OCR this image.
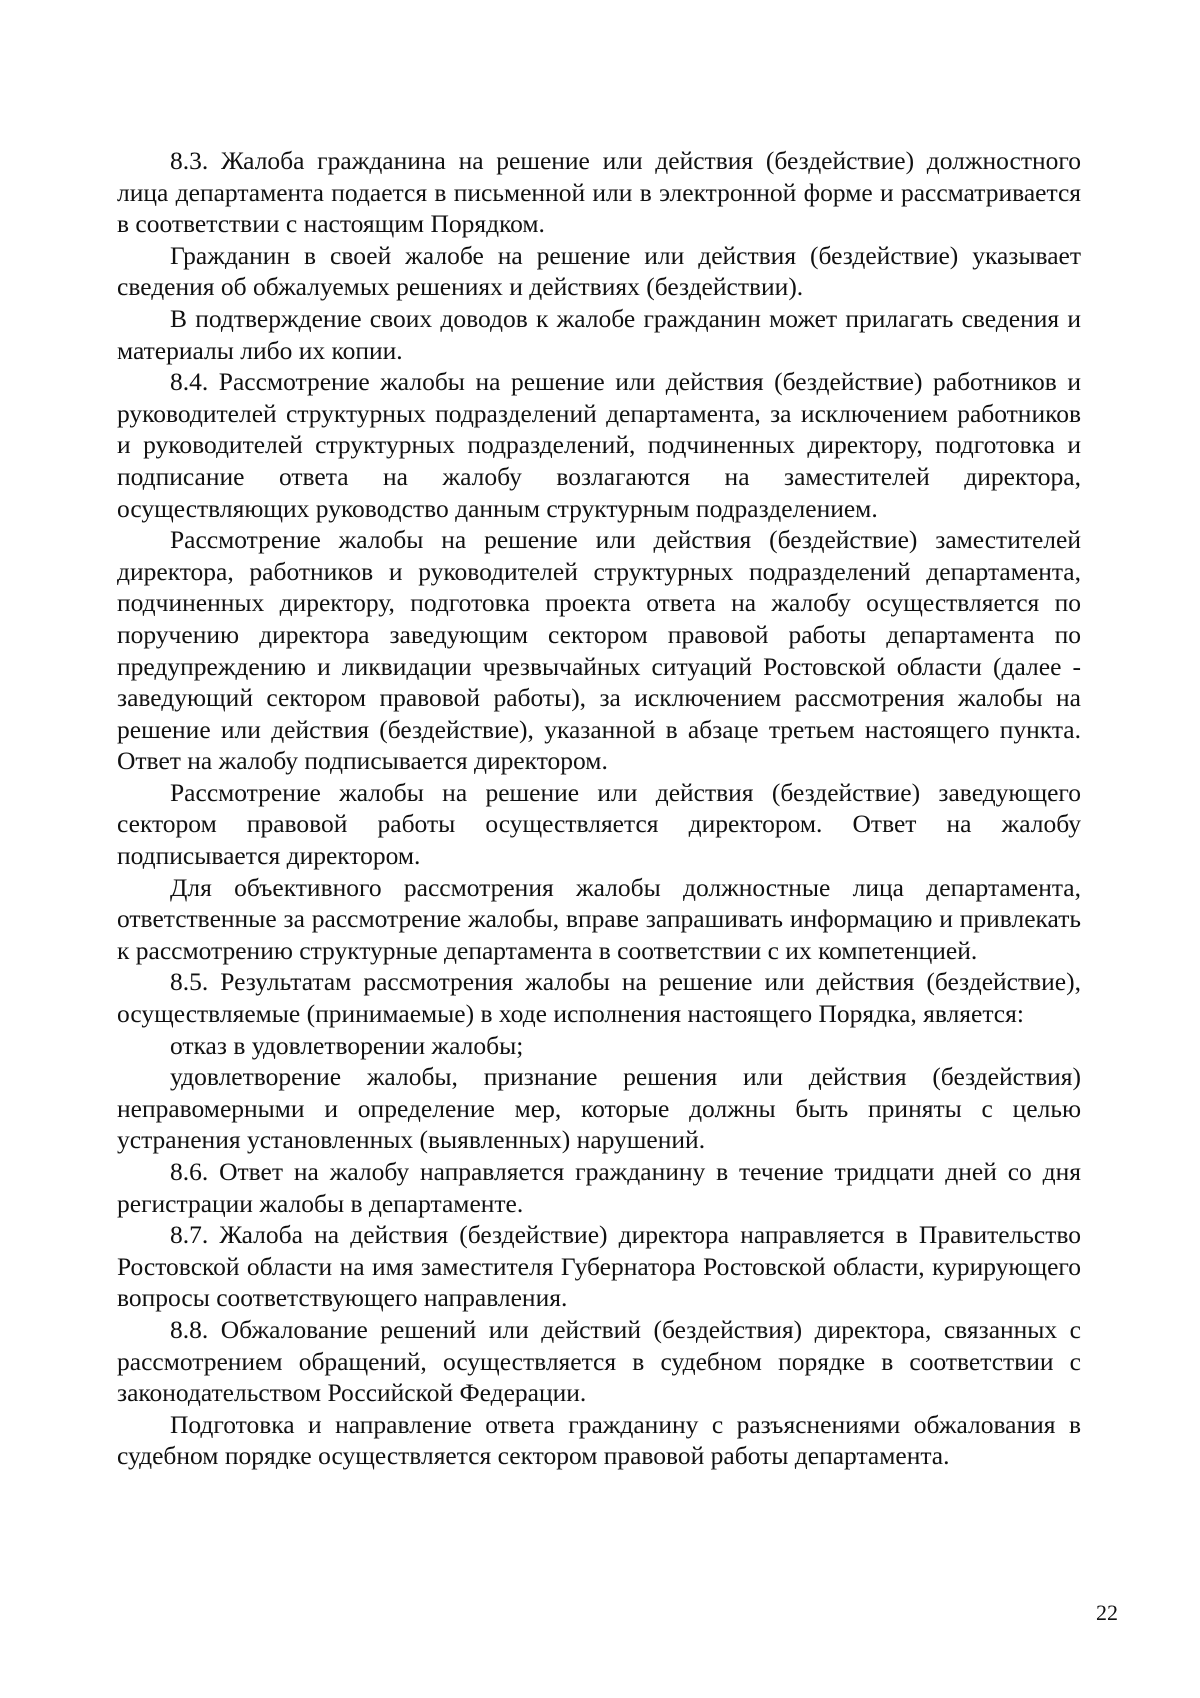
8.3. Жалоба гражданина на решение или действия (бездействие) должностного лица департамента подается в письменной или в электронной форме и рассматривается в соответствии с настоящим Порядком.

Гражданин в своей жалобе на решение или действия (бездействие) указывает сведения об обжалуемых решениях и действиях (бездействии).

В подтверждение своих доводов к жалобе гражданин может прилагать сведения и материалы либо их копии.

8.4. Рассмотрение жалобы на решение или действия (бездействие) работников и руководителей структурных подразделений департамента, за исключением работников и руководителей структурных подразделений, подчиненных директору, подготовка и подписание ответа на жалобу возлагаются на заместителей директора, осуществляющих руководство данным структурным подразделением.

Рассмотрение жалобы на решение или действия (бездействие) заместителей директора, работников и руководителей структурных подразделений департамента, подчиненных директору, подготовка проекта ответа на жалобу осуществляется по поручению директора заведующим сектором правовой работы департамента по предупреждению и ликвидации чрезвычайных ситуаций Ростовской области (далее - заведующий сектором правовой работы), за исключением рассмотрения жалобы на решение или действия (бездействие), указанной в абзаце третьем настоящего пункта. Ответ на жалобу подписывается директором.

Рассмотрение жалобы на решение или действия (бездействие) заведующего сектором правовой работы осуществляется директором. Ответ на жалобу подписывается директором.

Для объективного рассмотрения жалобы должностные лица департамента, ответственные за рассмотрение жалобы, вправе запрашивать информацию и привлекать к рассмотрению структурные департамента в соответствии с их компетенцией.

8.5. Результатам рассмотрения жалобы на решение или действия (бездействие), осуществляемые (принимаемые) в ходе исполнения настоящего Порядка, является:

отказ в удовлетворении жалобы;

удовлетворение жалобы, признание решения или действия (бездействия) неправомерными и определение мер, которые должны быть приняты с целью устранения установленных (выявленных) нарушений.

8.6. Ответ на жалобу направляется гражданину в течение тридцати дней со дня регистрации жалобы в департаменте.

8.7. Жалоба на действия (бездействие) директора направляется в Правительство Ростовской области на имя заместителя Губернатора Ростовской области, курирующего вопросы соответствующего направления.

8.8. Обжалование решений или действий (бездействия) директора, связанных с рассмотрением обращений, осуществляется в судебном порядке в соответствии с законодательством Российской Федерации.

Подготовка и направление ответа гражданину с разъяснениями обжалования в судебном порядке осуществляется сектором правовой работы департамента.

22
